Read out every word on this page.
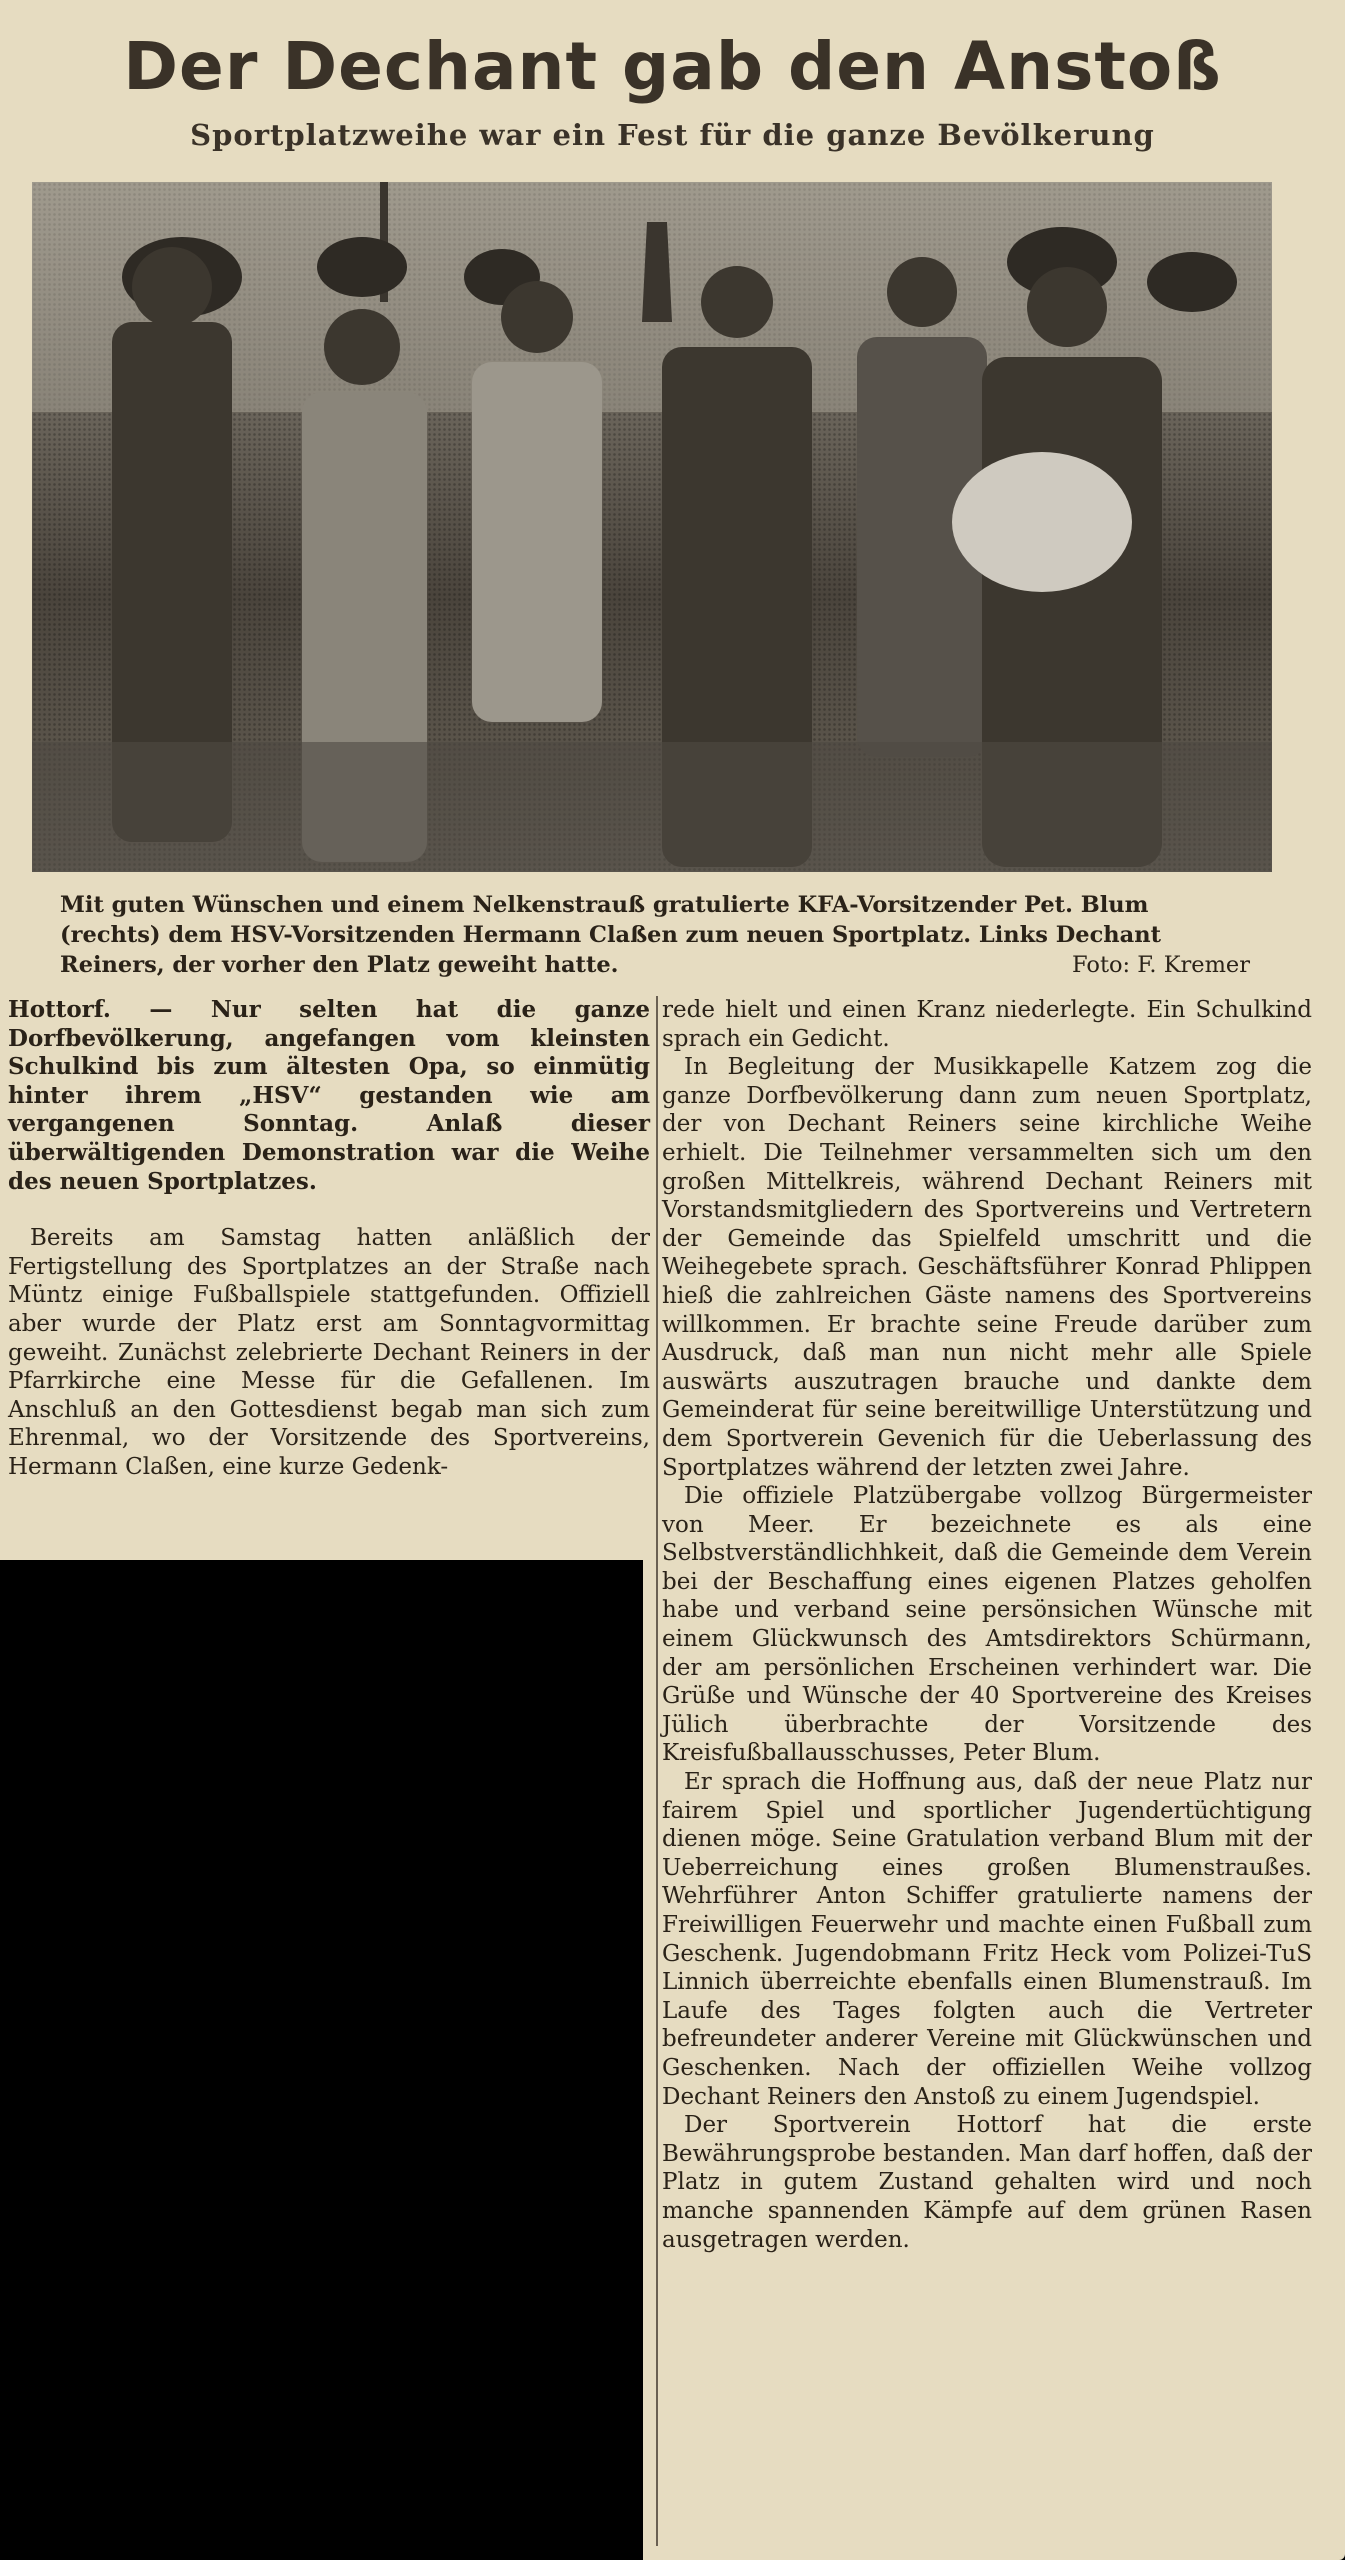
Der Dechant gab den Anstoß
Sportplatzweihe war ein Fest für die ganze Bevölkerung
Mit guten Wünschen und einem Nelkenstrauß gratulierte KFA-Vorsitzender Pet. Blum (rechts) dem HSV-Vorsitzenden Hermann Claßen zum neuen Sportplatz. Links Dechant Reiners, der vorher den Platz geweiht hatte.	Foto: F. Kremer

Hottorf. — Nur selten hat die ganze Dorfbevölkerung, angefangen vom kleinsten Schulkind bis zum ältesten Opa, so einmütig hinter ihrem „HSV“ gestanden wie am vergangenen Sonntag. Anlaß dieser überwältigenden Demonstration war die Weihe des neuen Sportplatzes.

Bereits am Samstag hatten anläßlich der Fertigstellung des Sportplatzes an der Straße nach Müntz einige Fußballspiele stattgefunden. Offiziell aber wurde der Platz erst am Sonntagvormittag geweiht. Zunächst zelebrierte Dechant Reiners in der Pfarrkirche eine Messe für die Gefallenen. Im Anschluß an den Gottesdienst begab man sich zum Ehrenmal, wo der Vorsitzende des Sportvereins, Hermann Claßen, eine kurze Gedenk-

rede hielt und einen Kranz niederlegte. Ein Schulkind sprach ein Gedicht.

In Begleitung der Musikkapelle Katzem zog die ganze Dorfbevölkerung dann zum neuen Sportplatz, der von Dechant Reiners seine kirchliche Weihe erhielt. Die Teilnehmer versammelten sich um den großen Mittelkreis, während Dechant Reiners mit Vorstandsmitgliedern des Sportvereins und Vertretern der Gemeinde das Spielfeld umschritt und die Weihegebete sprach. Geschäftsführer Konrad Phlippen hieß die zahlreichen Gäste namens des Sportvereins willkommen. Er brachte seine Freude darüber zum Ausdruck, daß man nun nicht mehr alle Spiele auswärts auszutragen brauche und dankte dem Gemeinderat für seine bereitwillige Unterstützung und dem Sportverein Gevenich für die Ueberlassung des Sportplatzes während der letzten zwei Jahre.

Die offiziele Platzübergabe vollzog Bürgermeister von Meer. Er bezeichnete es als eine Selbstverständlichhkeit, daß die Gemeinde dem Verein bei der Beschaffung eines eigenen Platzes geholfen habe und verband seine persönsichen Wünsche mit einem Glückwunsch des Amtsdirektors Schürmann, der am persönlichen Erscheinen verhindert war. Die Grüße und Wünsche der 40 Sportvereine des Kreises Jülich überbrachte der Vorsitzende des Kreisfußballausschusses, Peter Blum.

Er sprach die Hoffnung aus, daß der neue Platz nur fairem Spiel und sportlicher Jugendertüchtigung dienen möge. Seine Gratulation verband Blum mit der Ueberreichung eines großen Blumenstraußes. Wehrführer Anton Schiffer gratulierte namens der Freiwilligen Feuerwehr und machte einen Fußball zum Geschenk. Jugendobmann Fritz Heck vom Polizei-TuS Linnich überreichte ebenfalls einen Blumenstrauß. Im Laufe des Tages folgten auch die Vertreter befreundeter anderer Vereine mit Glückwünschen und Geschenken. Nach der offiziellen Weihe vollzog Dechant Reiners den Anstoß zu einem Jugendspiel.

Der Sportverein Hottorf hat die erste Bewährungsprobe bestanden. Man darf hoffen, daß der Platz in gutem Zustand gehalten wird und noch manche spannenden Kämpfe auf dem grünen Rasen ausgetragen werden.
